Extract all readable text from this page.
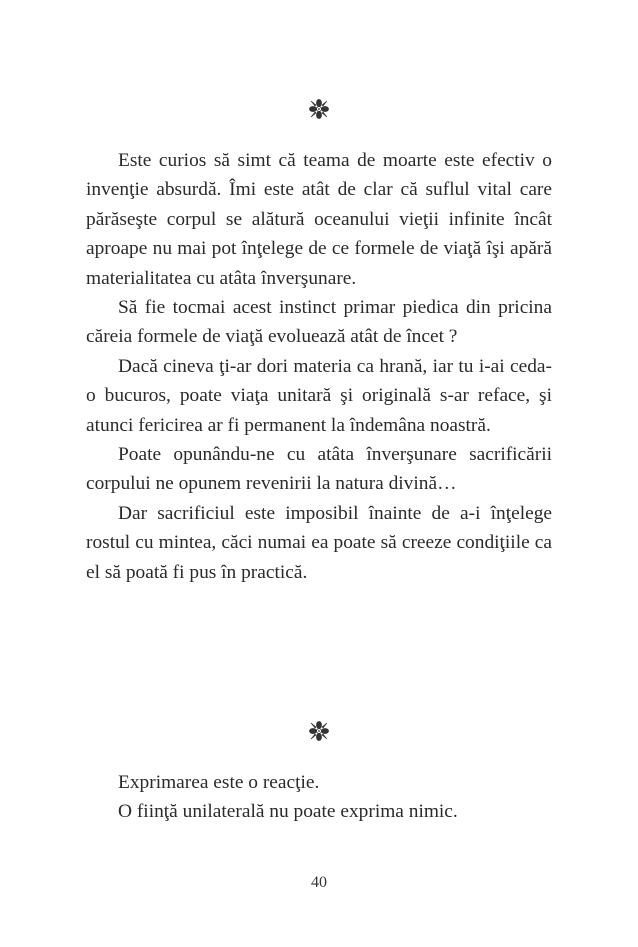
Este curios să simt că teama de moarte este efectiv o invenţie absurdă. Îmi este atât de clar că suflul vital care părăseşte corpul se alătură oceanului vieţii infinite încât aproape nu mai pot înţelege de ce formele de viaţă îşi apără materialitatea cu atâta înverşunare.

Să fie tocmai acest instinct primar piedica din pricina căreia formele de viaţă evoluează atât de încet ?

Dacă cineva ţi-ar dori materia ca hrană, iar tu i-ai ceda-o bucuros, poate viaţa unitară şi originală s-ar reface, şi atunci fericirea ar fi permanent la îndemâna noastră.

Poate opunându-ne cu atâta înverşunare sacrificării corpului ne opunem revenirii la natura divină…

Dar sacrificiul este imposibil înainte de a-i înţelege rostul cu mintea, căci numai ea poate să creeze condiţiile ca el să poată fi pus în practică.

Exprimarea este o reacţie.

O fiinţă unilaterală nu poate exprima nimic.

40
